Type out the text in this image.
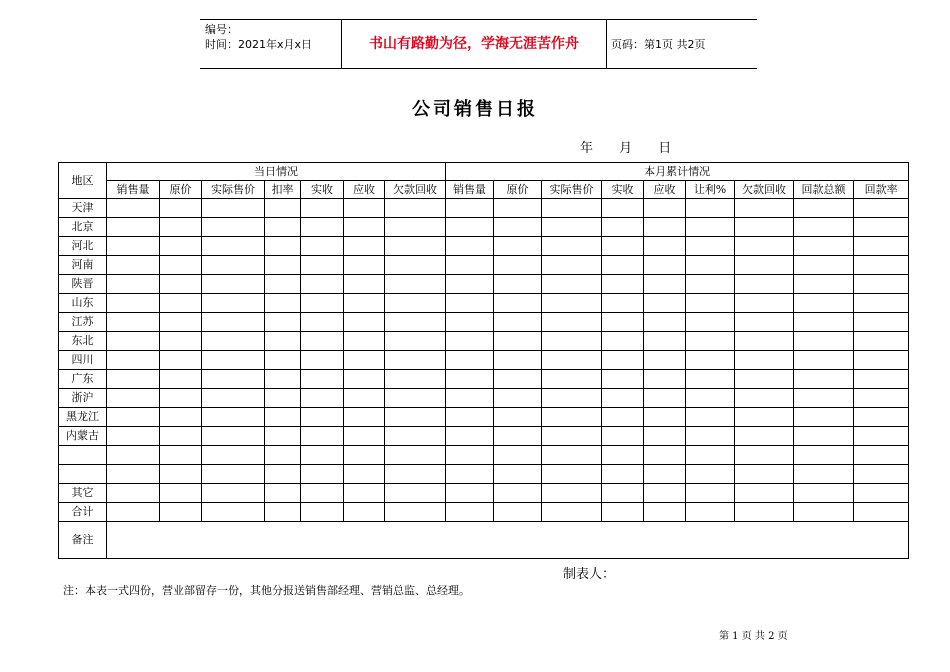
编号：
时间：2021年x月x日	书山有路勤为径，学海无涯苦作舟	页码：第1页 共2页
公司销售日报
年 月 日
地区	当日情况							本月累计情况								
	销售量	原价	实际售价	扣率	实收	应收	欠款回收	销售量	原价	实际售价	实收	应收	让利%	欠款回收	回款总额	回款率
天津																
北京																
河北																
河南																
陕晋																
山东																
江苏																
东北																
四川																
广东																
浙沪																
黑龙江																
内蒙古																

其它																
合计																
备注																
制表人：
注：本表一式四份，营业部留存一份，其他分报送销售部经理、营销总监、总经理。
第 1 页 共 2 页
